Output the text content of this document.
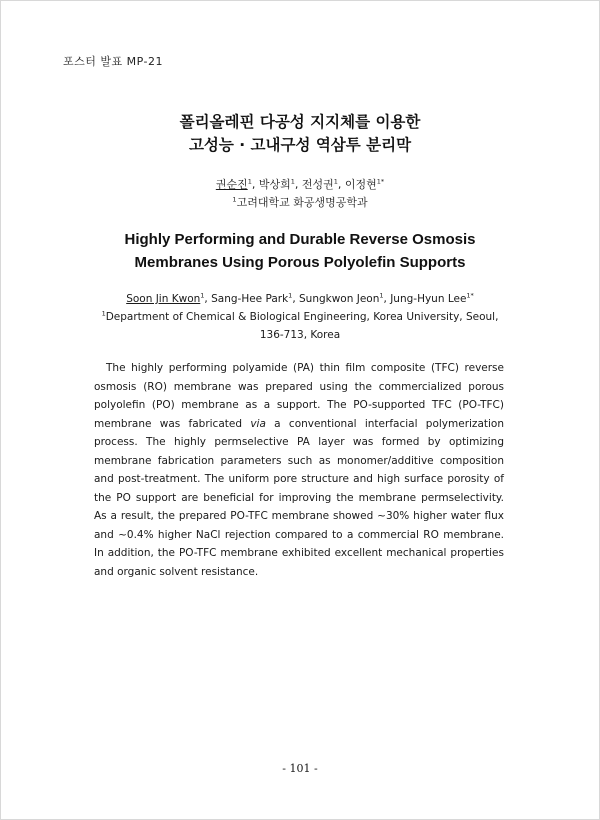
포스터 발표 MP-21
폴리올레핀 다공성 지지체를 이용한
고성능 · 고내구성 역삼투 분리막
권순진$^1$, 박상희$^1$, 전성권$^1$, 이정현$^{1*}$
$^1$고려대학교 화공생명공학과
Highly Performing and Durable Reverse Osmosis
Membranes Using Porous Polyolefin Supports
Soon Jin Kwon$^1$, Sang-Hee Park$^1$, Sungkwon Jeon$^1$, Jung-Hyun Lee$^{1*}$
$^1$Department of Chemical & Biological Engineering, Korea University, Seoul,
136-713, Korea
The highly performing polyamide (PA) thin film composite (TFC) reverse
osmosis (RO) membrane was prepared using the commercialized porous
polyolefin (PO) membrane as a support. The PO-supported TFC (PO-TFC)
membrane was fabricated via a conventional interfacial polymerization
process. The highly permselective PA layer was formed by optimizing
membrane fabrication parameters such as monomer/additive composition
and post-treatment. The uniform pore structure and high surface porosity of
the PO support are beneficial for improving the membrane permselectivity.
As a result, the prepared PO-TFC membrane showed ~30% higher water flux
and ~0.4% higher NaCl rejection compared to a commercial RO membrane.
In addition, the PO-TFC membrane exhibited excellent mechanical properties
and organic solvent resistance.
- 101 -
